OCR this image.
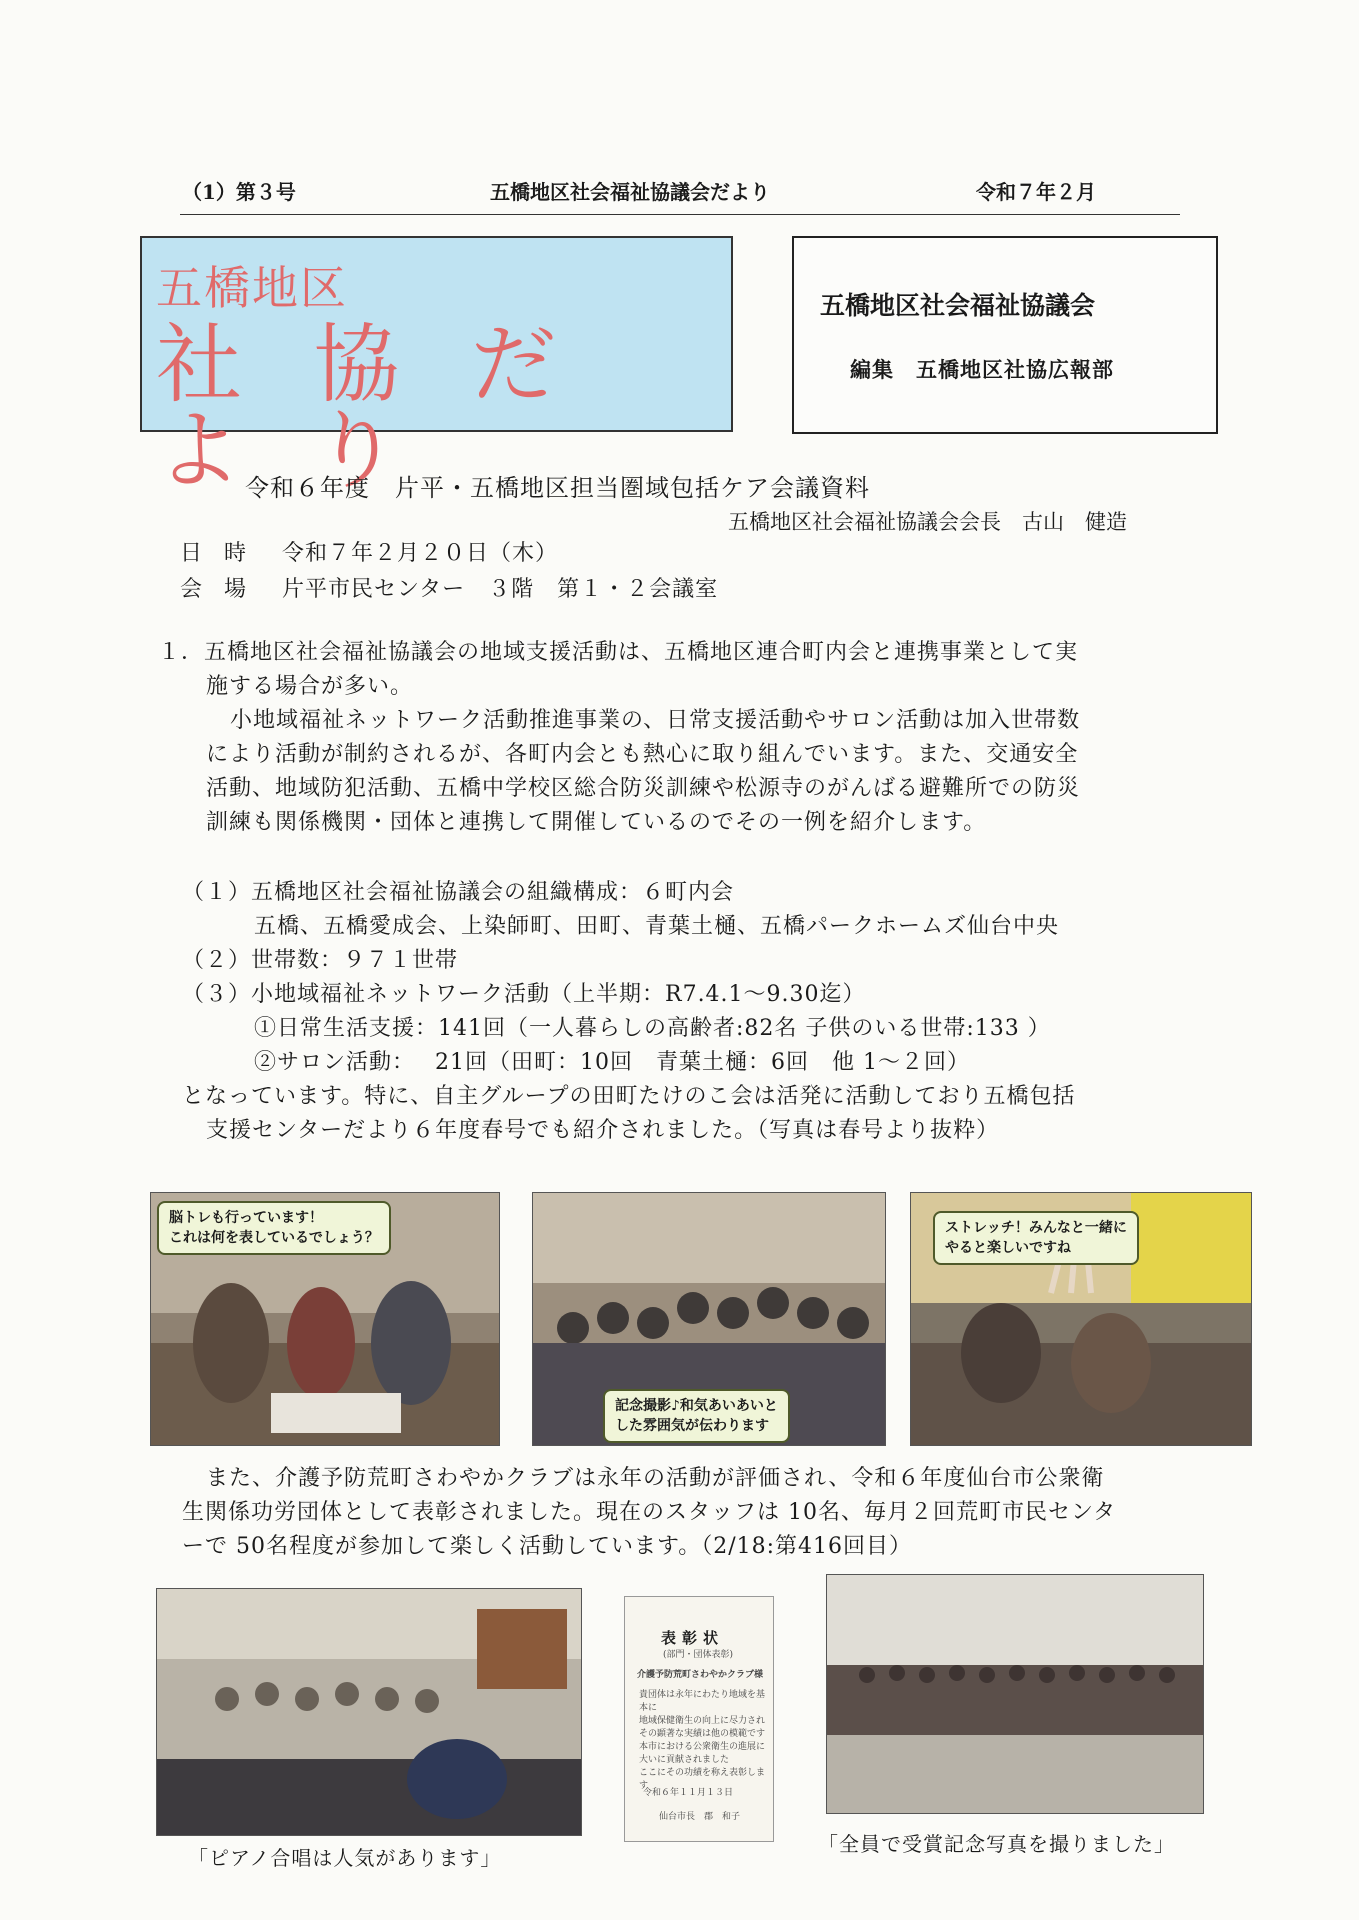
（1）第３号	五橋地区社会福祉協議会だより	令和７年２月
五橋地区
社 協 だ よ り
五橋地区社会福祉協議会
編集　五橋地区社協広報部
令和６年度　片平・五橋地区担当圏域包括ケア会議資料
五橋地区社会福祉協議会会長　古山　健造
日　時 令和７年２月２０日（木）
会　場 片平市民センター　３階　第１・２会議室
１．五橋地区社会福祉協議会の地域支援活動は、五橋地区連合町内会と連携事業として実
施する場合が多い。
小地域福祉ネットワーク活動推進事業の、日常支援活動やサロン活動は加入世帯数
により活動が制約されるが、各町内会とも熱心に取り組んでいます。また、交通安全
活動、地域防犯活動、五橋中学校区総合防災訓練や松源寺のがんばる避難所での防災
訓練も関係機関・団体と連携して開催しているのでその一例を紹介します。
（１）五橋地区社会福祉協議会の組織構成：６町内会
五橋、五橋愛成会、上染師町、田町、青葉土樋、五橋パークホームズ仙台中央
（２）世帯数：９７１世帯
（３）小地域福祉ネットワーク活動（上半期：R7.4.1～9.30迄）
①日常生活支援：141回（一人暮らしの高齢者:82名 子供のいる世帯:133 ）
②サロン活動：　 21回（田町：10回　青葉土樋：6回　他 1～２回）
となっています。特に、自主グループの田町たけのこ会は活発に活動しており五橋包括
支援センターだより６年度春号でも紹介されました。（写真は春号より抜粋）
脳トレも行っています！
これは何を表しているでしょう？
記念撮影♪和気あいあいと
した雰囲気が伝わります
ストレッチ！みんなと一緒に
やると楽しいですね
また、介護予防荒町さわやかクラブは永年の活動が評価され、令和６年度仙台市公衆衛
生関係功労団体として表彰されました。現在のスタッフは 10名、毎月２回荒町市民センタ
ーで 50名程度が参加して楽しく活動しています。（2/18:第416回目）
表彰状
(部門・団体表彰)
介護予防荒町さわやかクラブ様
貴団体は永年にわたり地域を基本に
地域保健衛生の向上に尽力され
その顕著な実績は他の模範です
本市における公衆衛生の進展に
大いに貢献されました
ここにその功績を称え表彰します
令和６年１１月１３日
仙台市長　郡　和子
「ピアノ合唱は人気があります」
「全員で受賞記念写真を撮りました」
